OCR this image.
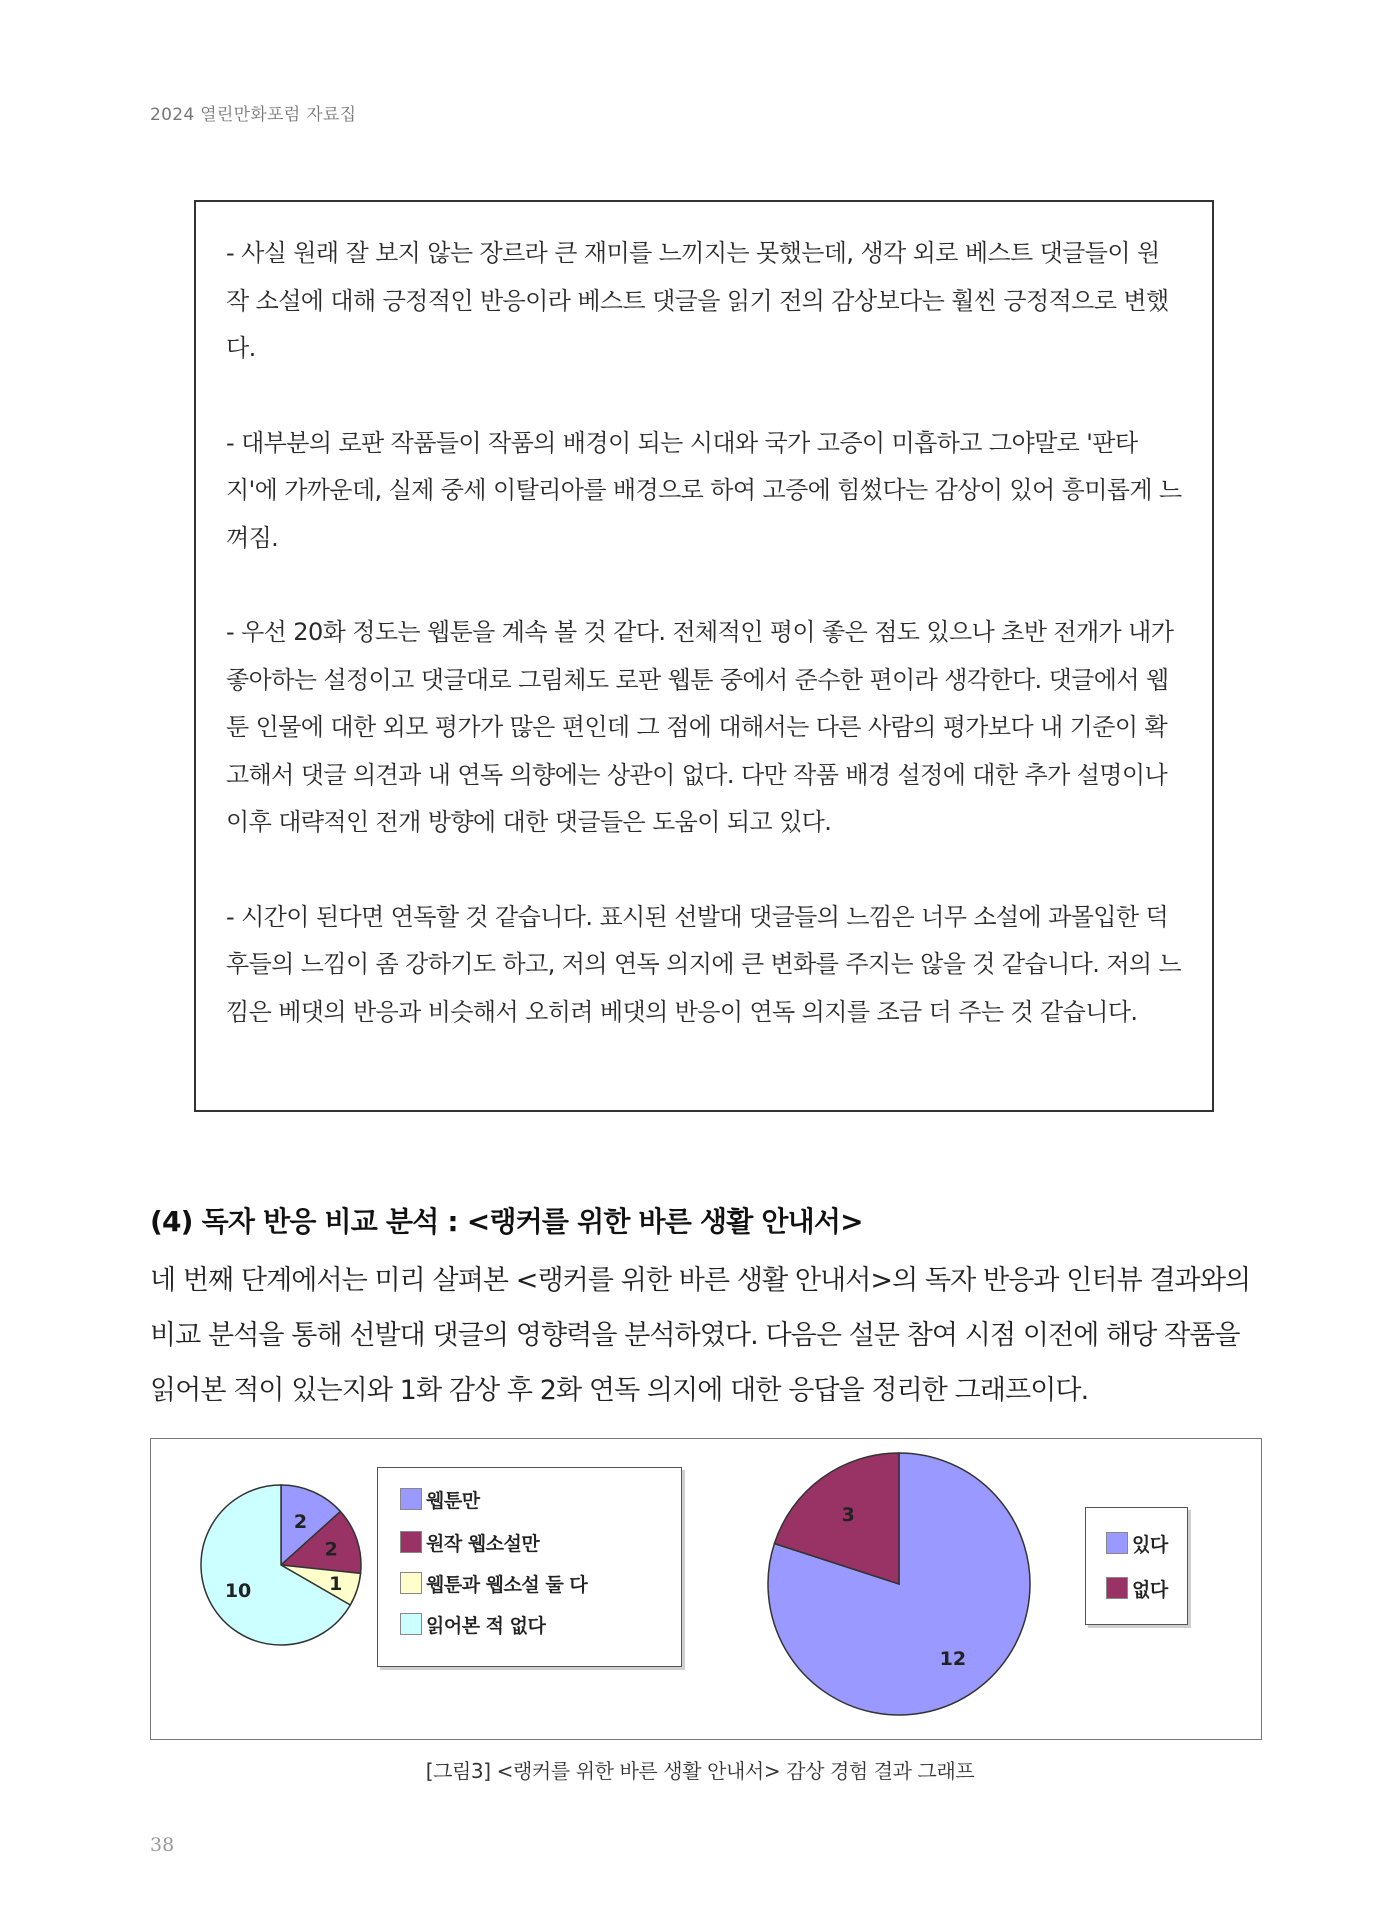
2024 열린만화포럼 자료집

- 사실 원래 잘 보지 않는 장르라 큰 재미를 느끼지는 못했는데, 생각 외로 베스트 댓글들이 원작 소설에 대해 긍정적인 반응이라 베스트 댓글을 읽기 전의 감상보다는 훨씬 긍정적으로 변했다.

- 대부분의 로판 작품들이 작품의 배경이 되는 시대와 국가 고증이 미흡하고 그야말로 '판타지'에 가까운데, 실제 중세 이탈리아를 배경으로 하여 고증에 힘썼다는 감상이 있어 흥미롭게 느껴짐.

- 우선 20화 정도는 웹툰을 계속 볼 것 같다. 전체적인 평이 좋은 점도 있으나 초반 전개가 내가 좋아하는 설정이고 댓글대로 그림체도 로판 웹툰 중에서 준수한 편이라 생각한다. 댓글에서 웹툰 인물에 대한 외모 평가가 많은 편인데 그 점에 대해서는 다른 사람의 평가보다 내 기준이 확고해서 댓글 의견과 내 연독 의향에는 상관이 없다. 다만 작품 배경 설정에 대한 추가 설명이나 이후 대략적인 전개 방향에 대한 댓글들은 도움이 되고 있다.

- 시간이 된다면 연독할 것 같습니다. 표시된 선발대 댓글들의 느낌은 너무 소설에 과몰입한 덕후들의 느낌이 좀 강하기도 하고, 저의 연독 의지에 큰 변화를 주지는 않을 것 같습니다. 저의 느낌은 베댓의 반응과 비슷해서 오히려 베댓의 반응이 연독 의지를 조금 더 주는 것 같습니다.

(4) 독자 반응 비교 분석 : <랭커를 위한 바른 생활 안내서>
네 번째 단계에서는 미리 살펴본 <랭커를 위한 바른 생활 안내서>의 독자 반응과 인터뷰 결과와의 비교 분석을 통해 선발대 댓글의 영향력을 분석하였다. 다음은 설문 참여 시점 이전에 해당 작품을 읽어본 적이 있는지와 1화 감상 후 2화 연독 의지에 대한 응답을 정리한 그래프이다.
2
2
1
10
12
3
웹툰만
원작 웹소설만
웹툰과 웹소설 둘 다
읽어본 적 없다
있다
없다
[그림3] <랭커를 위한 바른 생활 안내서> 감상 경험 결과 그래프
38
